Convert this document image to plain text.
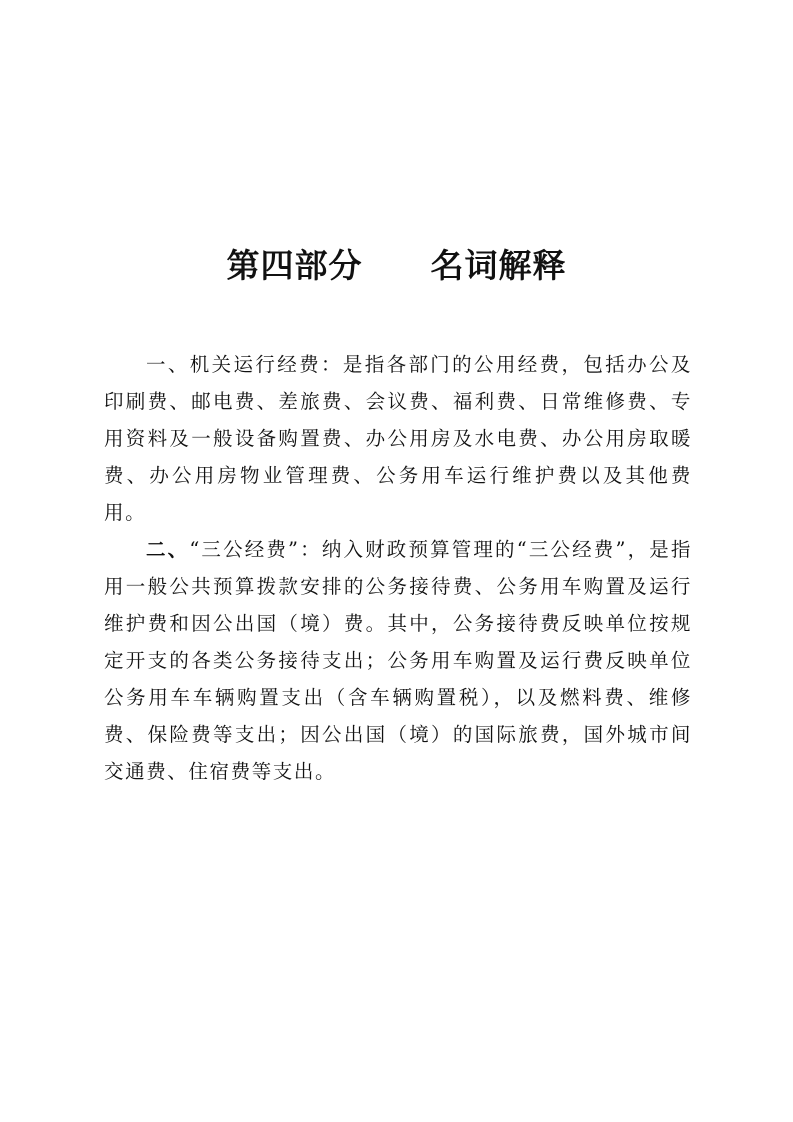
第四部分　　名词解释

一、机关运行经费：是指各部门的公用经费，包括办公及印刷费、邮电费、差旅费、会议费、福利费、日常维修费、专用资料及一般设备购置费、办公用房及水电费、办公用房取暖费、办公用房物业管理费、公务用车运行维护费以及其他费用。

二、“三公经费”：纳入财政预算管理的“三公经费”，是指用一般公共预算拨款安排的公务接待费、公务用车购置及运行维护费和因公出国（境）费。其中，公务接待费反映单位按规定开支的各类公务接待支出；公务用车购置及运行费反映单位公务用车车辆购置支出（含车辆购置税），以及燃料费、维修费、保险费等支出；因公出国（境）的国际旅费，国外城市间交通费、住宿费等支出。
